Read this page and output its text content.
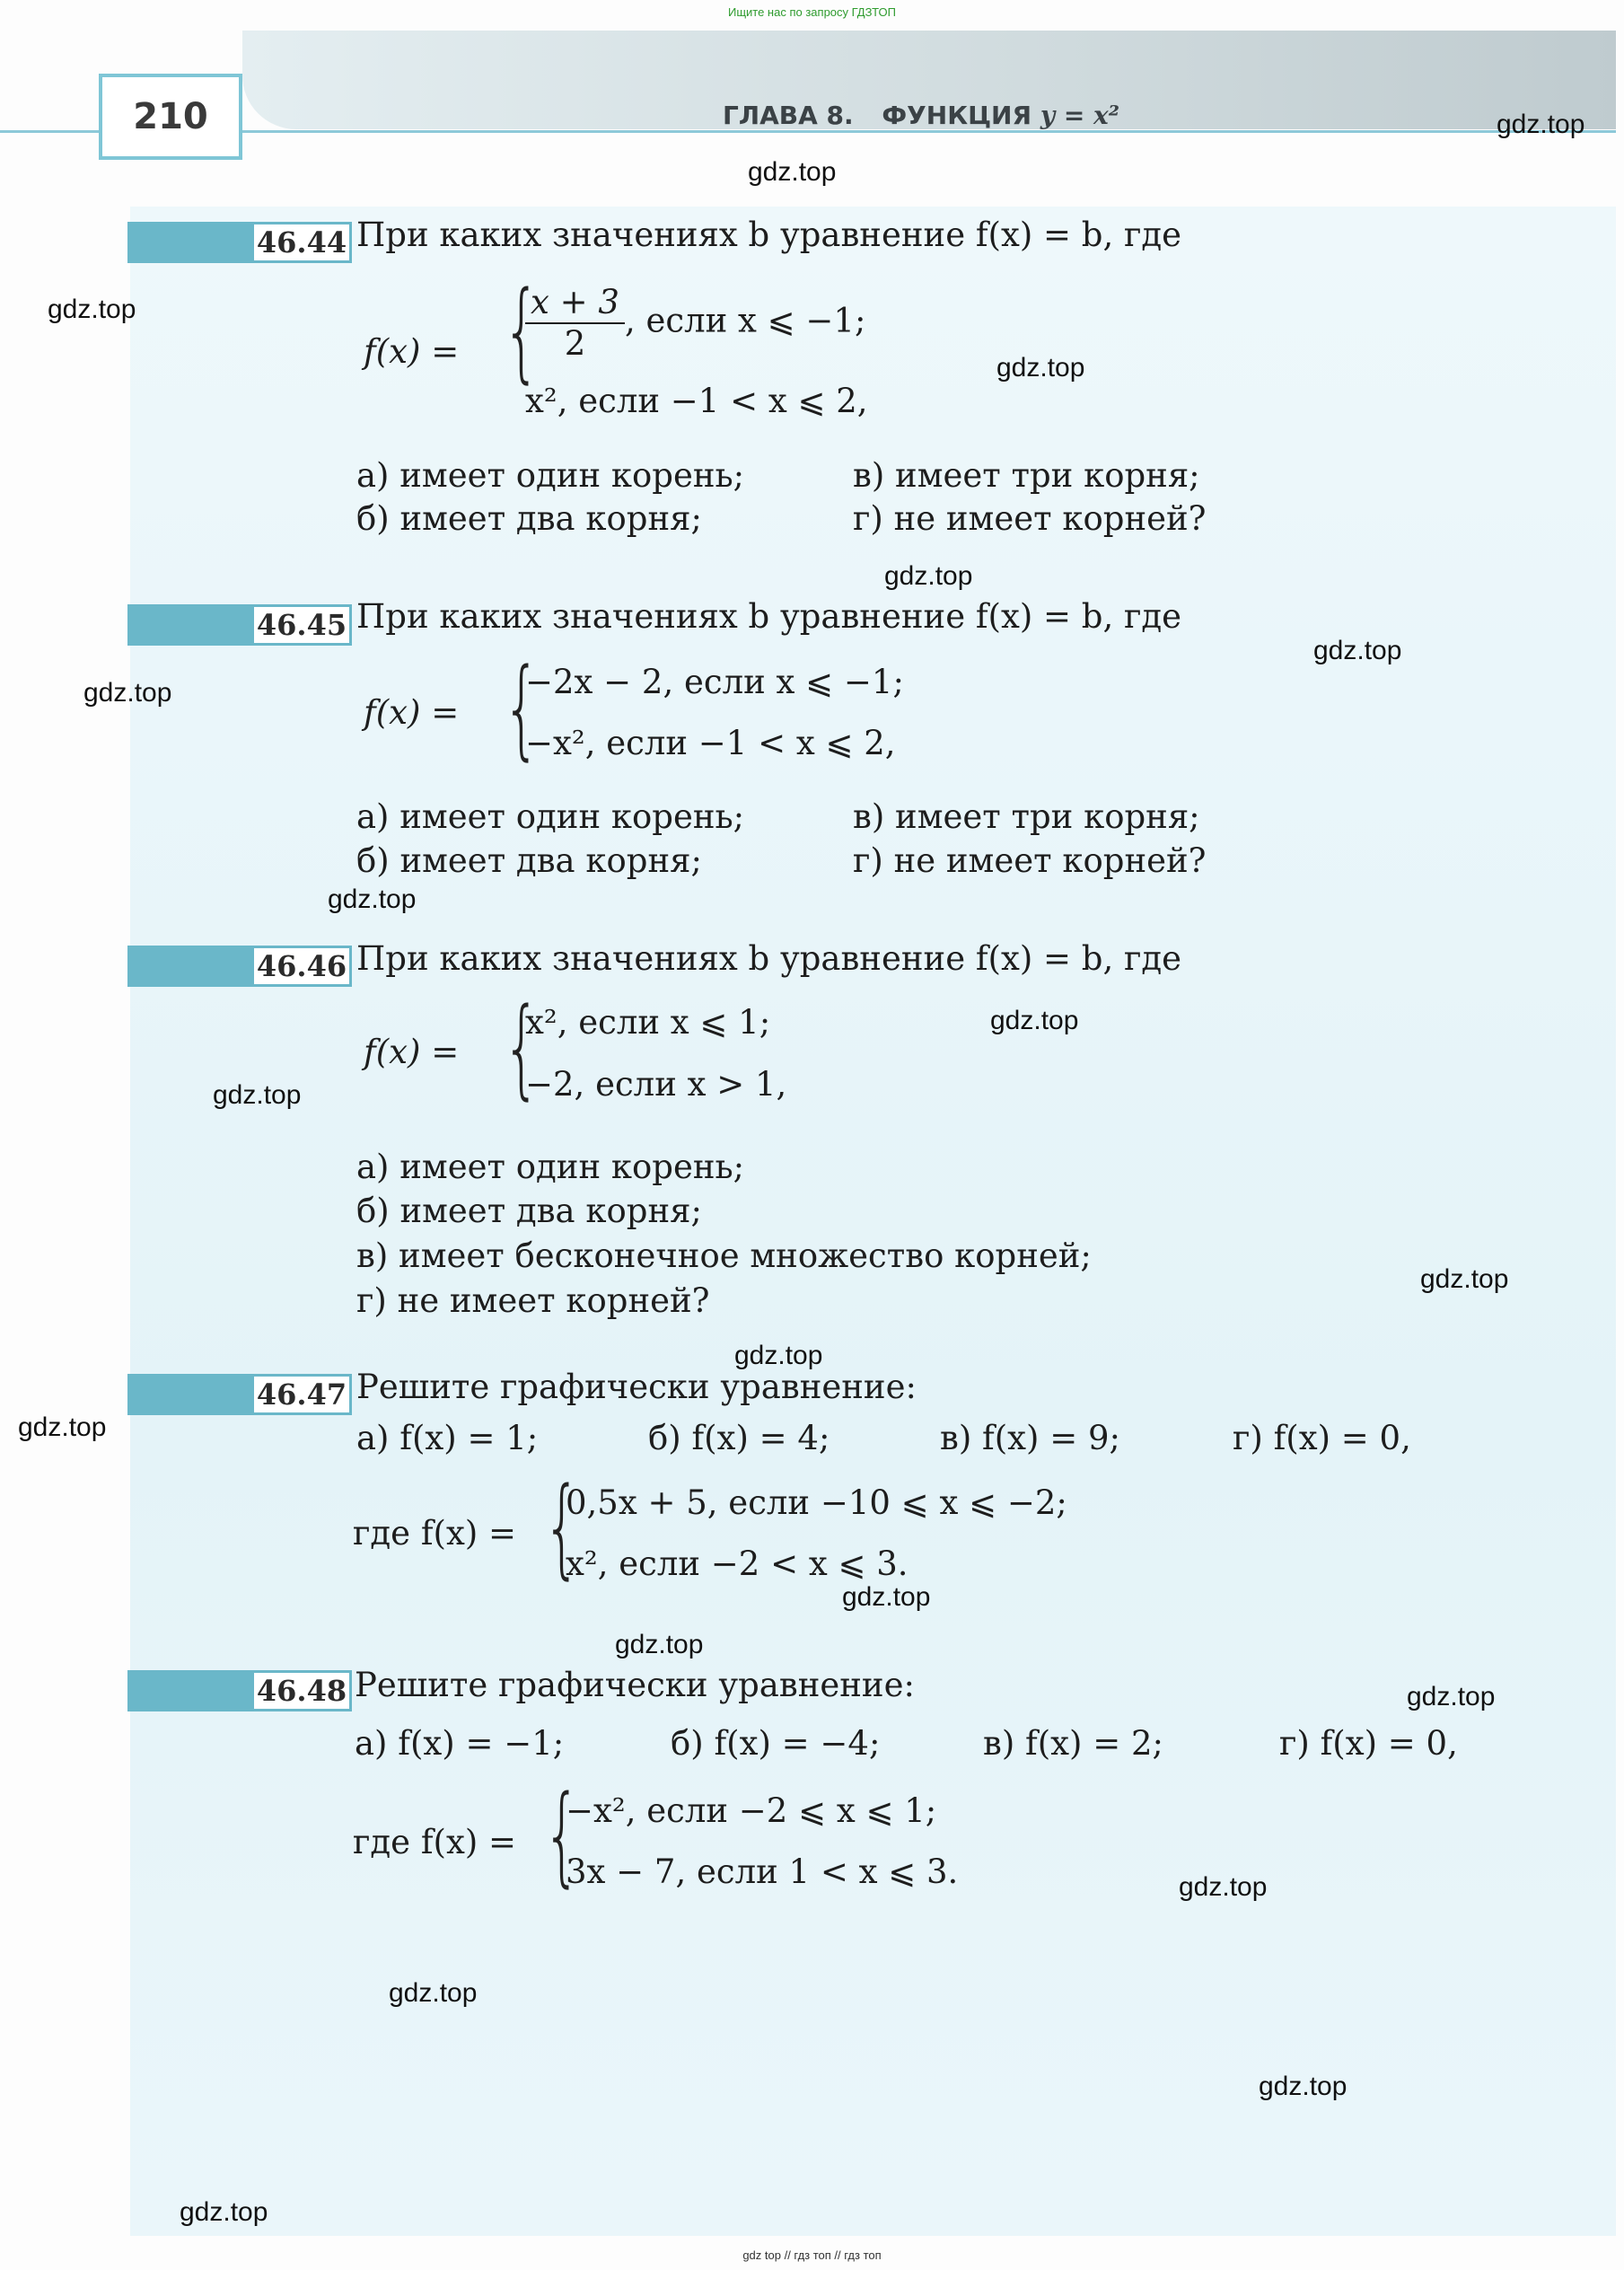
Ищите нас по запросу ГДЗТОП
210	ГЛАВА 8. ФУНКЦИЯ y = x²	gdz.top
gdz.top
gdz.top
gdz.top
gdz.top
gdz.top
gdz.top
gdz.top
gdz.top
gdz.top
gdz.top
gdz.top
gdz.top
gdz.top
gdz.top
gdz.top
gdz.top
gdz.top
gdz.top
gdz.top
46.44 При каких значениях b уравнение f(x) = b, где
f(x) = {
$\frac{x + 3}{2}$ , если x ⩽ −1;
x², если −1 < x ⩽ 2,
а) имеет один корень;	в) имеет три корня;
б) имеет два корня;	г) не имеет корней?
46.45 При каких значениях b уравнение f(x) = b, где
f(x) = {
−2x − 2, если x ⩽ −1;
−x², если −1 < x ⩽ 2,
а) имеет один корень;	в) имеет три корня;
б) имеет два корня;	г) не имеет корней?
46.46 При каких значениях b уравнение f(x) = b, где
f(x) = {
x², если x ⩽ 1;
−2, если x > 1,
а) имеет один корень;
б) имеет два корня;
в) имеет бесконечное множество корней;
г) не имеет корней?
46.47 Решите графически уравнение:
а) f(x) = 1;	б) f(x) = 4;	в) f(x) = 9;	г) f(x) = 0,
где f(x) = {
0,5x + 5, если −10 ⩽ x ⩽ −2;
x², если −2 < x ⩽ 3.
46.48 Решите графически уравнение:
а) f(x) = −1;	б) f(x) = −4;	в) f(x) = 2;	г) f(x) = 0,
где f(x) = {
−x², если −2 ⩽ x ⩽ 1;
3x − 7, если 1 < x ⩽ 3.
gdz top // гдз топ // гдз топ
